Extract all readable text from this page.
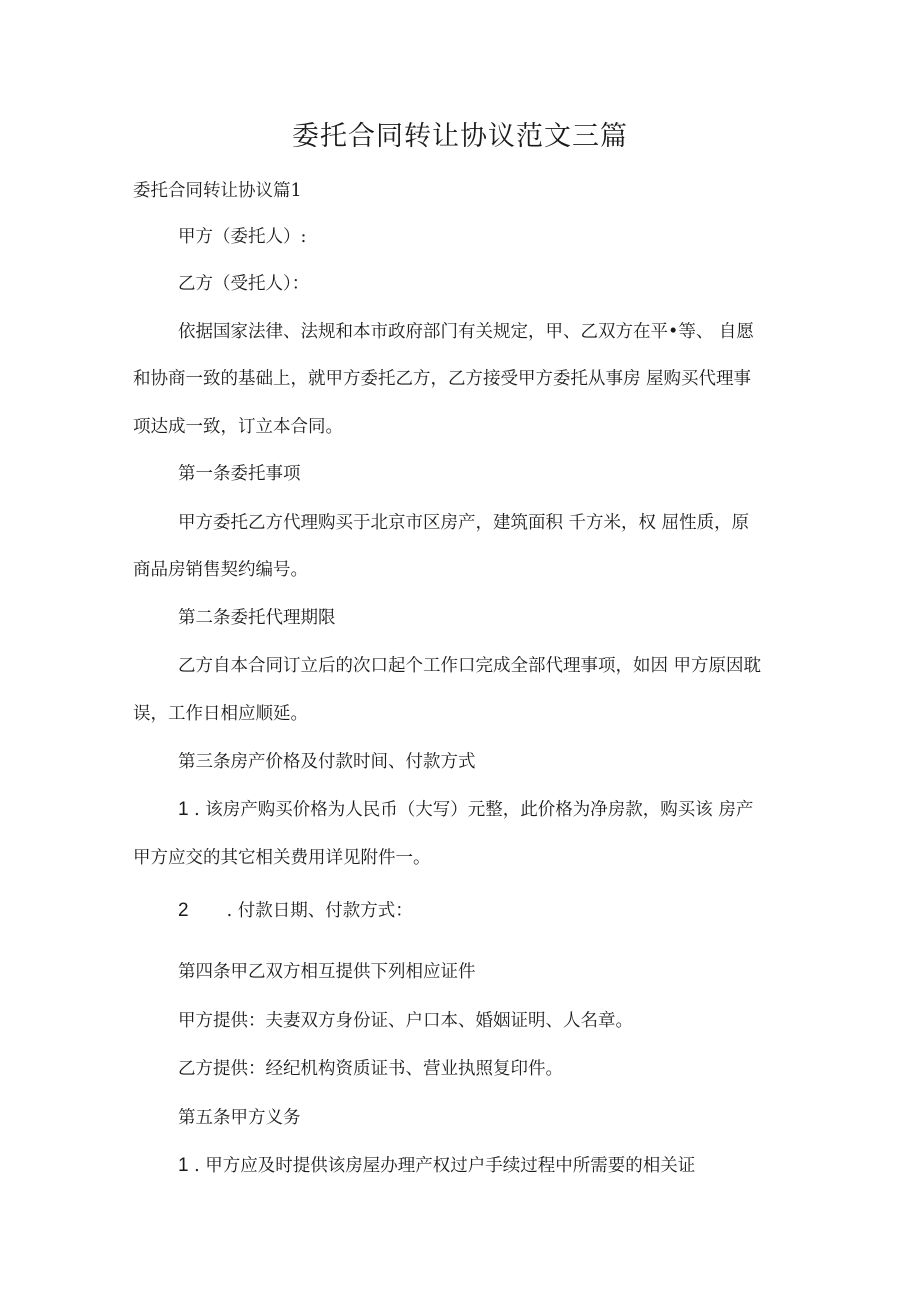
委托合同转让协议范文三篇
委托合同转让协议篇1
甲方（委托人）:
乙方（受托人）：
依据国家法律、法规和本市政府部门有关规定，甲、乙双方在平•等、 自愿
和协商一致的基础上，就甲方委托乙方，乙方接受甲方委托从事房 屋购买代理事
项达成一致，订立本合同。
第一条委托事项
甲方委托乙方代理购买于北京市区房产，建筑面积 千方米，权 屈性质，原
商品房销售契约编号。
第二条委托代理期限
乙方自本合同订立后的次口起个工作口完成全部代理事项，如因 甲方原因耽
误，工作日相应顺延。
第三条房产价格及付款时间、付款方式
1 . 该房产购买价格为人民币（大写）元整，此价格为净房款，购买该 房产
甲方应交的其它相关费用详见附件一。
2 . 付款日期、付款方式：
第四条甲乙双方相互提供下列相应证件
甲方提供：夫妻双方身份证、户口本、婚姻证明、人名章。
乙方提供：经纪机构资质证书、营业执照复印件。
第五条甲方义务
1 . 甲方应及时提供该房屋办理产权过户手续过程中所需要的相关证
